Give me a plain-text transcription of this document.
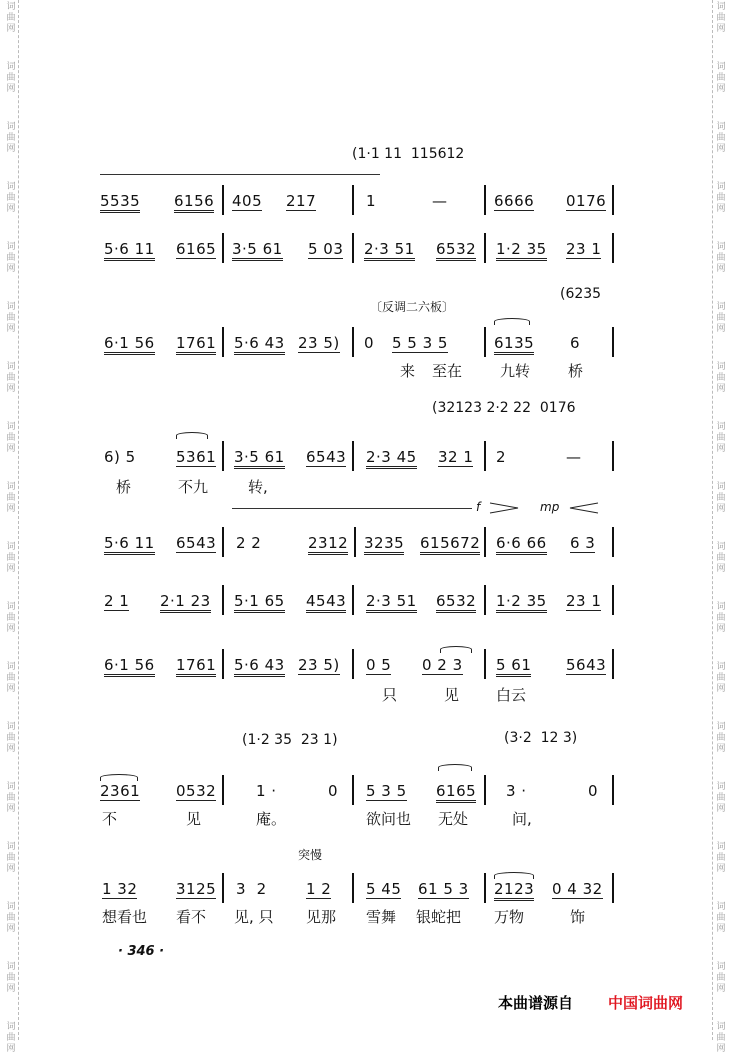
词
曲
网
词
曲
网
词
曲
网
词
曲
网
词
曲
网
词
曲
网
词
曲
网
词
曲
网
词
曲
网
词
曲
网
词
曲
网
词
曲
网
词
曲
网
词
曲
网
词
曲
网
词
曲
网
词
曲
网
词
曲
网
词
曲
网
词
曲
网
词
曲
网
词
曲
网
词
曲
网
词
曲
网
词
曲
网
词
曲
网
词
曲
网
词
曲
网
词
曲
网
词
曲
网
词
曲
网
词
曲
网
词
曲
网
词
曲
网
词
曲
网
词
曲
网
(1·1 11  115612
5535 6156 405 217	1	—	6666 0176
5·6 11 6165 3·5 61 5 03 2·3 51 6532 1·2 35 23 1
〔反调二六板〕
(6235
6·1 56 1761 5·6 43 23 5) 0 5 5 3 5	6135 6
来 至在	九转	桥
(32123 2·2 22  0176
6) 5	5361 3·5 61 6543 2·3 45 32 1 2	—
桥	不九	转,
f	mp
5·6 11 6543 2 2	2312 3235 615672 6·6 66 6 3
2 1 2·1 23 5·1 65 4543 2·3 51 6532 1·2 35 23 1
6·1 56 1761 5·6 43 23 5) 0 5 0 2 3 5 61 5643
只	见 白云
(1·2 35  23 1)	(3·2  12 3)
2361 0532	1 ·	0 5 3 5 6165 3 ·	0
不	见	庵。	欲问也 无处	问,
突慢
1 32	3125 3  2	1 2 5 45 61 5 3 2123 0 4 32
想看也 看不 见, 只 见那 雪舞 银蛇把 万物	饰
· 346 ·
本曲谱源自 中国词曲网
